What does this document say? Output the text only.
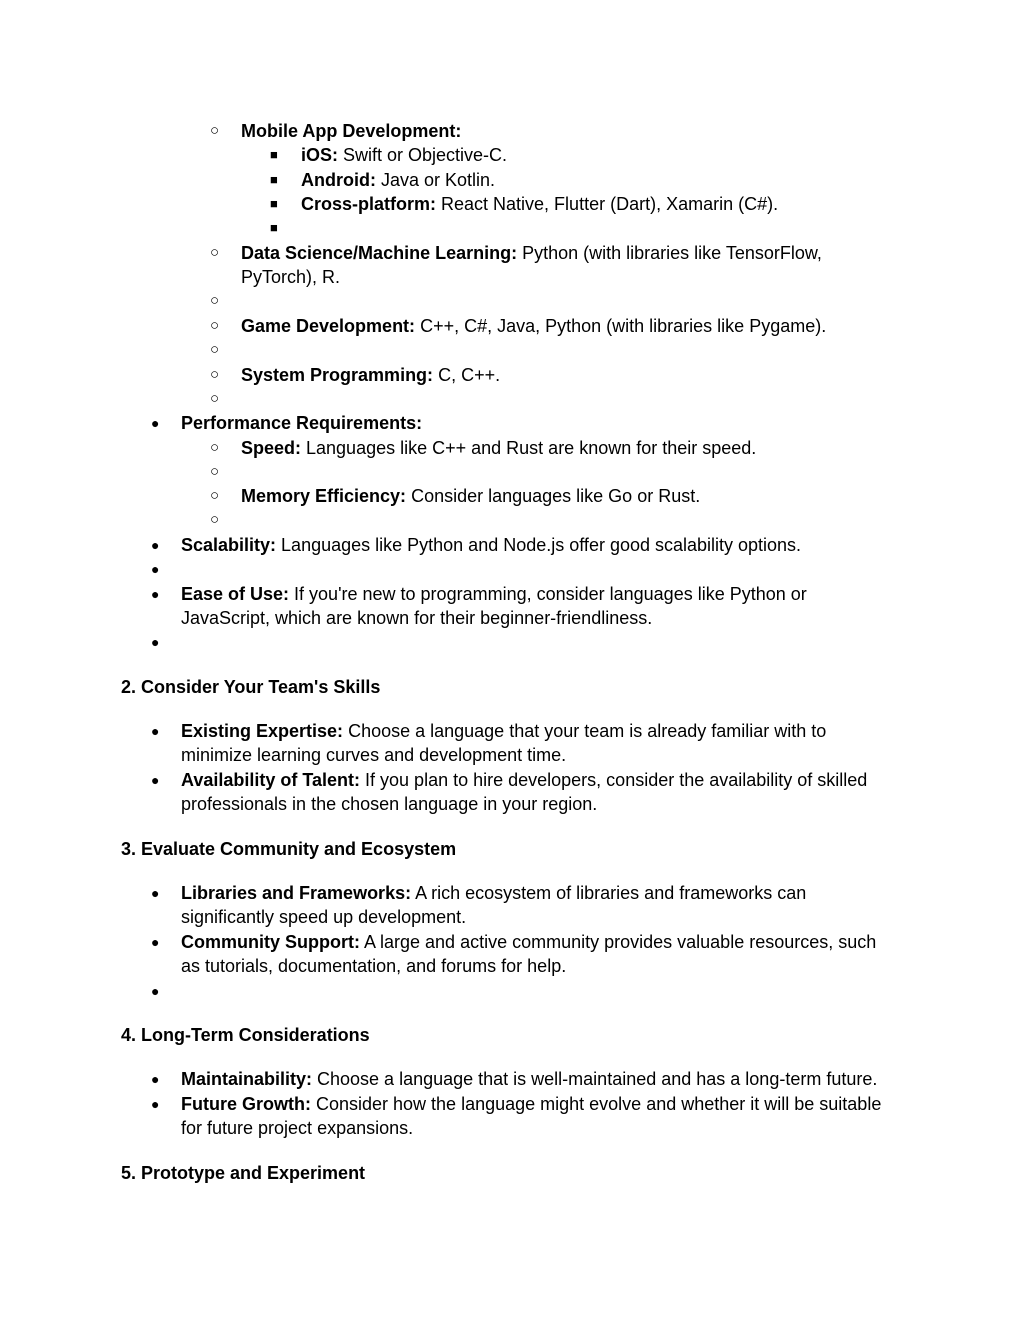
○ Mobile App Development:
■ iOS: Swift or Objective-C.
■ Android: Java or Kotlin.
■ Cross-platform: React Native, Flutter (Dart), Xamarin (C#).
■
○ Data Science/Machine Learning: Python (with libraries like TensorFlow,
PyTorch), R.
○
○ Game Development: C++, C#, Java, Python (with libraries like Pygame).
○
○ System Programming: C, C++.
○
● Performance Requirements:
○ Speed: Languages like C++ and Rust are known for their speed.
○
○ Memory Efficiency: Consider languages like Go or Rust.
○
● Scalability: Languages like Python and Node.js offer good scalability options.
●
● Ease of Use: If you're new to programming, consider languages like Python or
JavaScript, which are known for their beginner-friendliness.
●
2. Consider Your Team's Skills
● Existing Expertise: Choose a language that your team is already familiar with to
minimize learning curves and development time.
● Availability of Talent: If you plan to hire developers, consider the availability of skilled
professionals in the chosen language in your region.
3. Evaluate Community and Ecosystem
● Libraries and Frameworks: A rich ecosystem of libraries and frameworks can
significantly speed up development.
● Community Support: A large and active community provides valuable resources, such
as tutorials, documentation, and forums for help.
●
4. Long-Term Considerations
● Maintainability: Choose a language that is well-maintained and has a long-term future.
● Future Growth: Consider how the language might evolve and whether it will be suitable
for future project expansions.
5. Prototype and Experiment
